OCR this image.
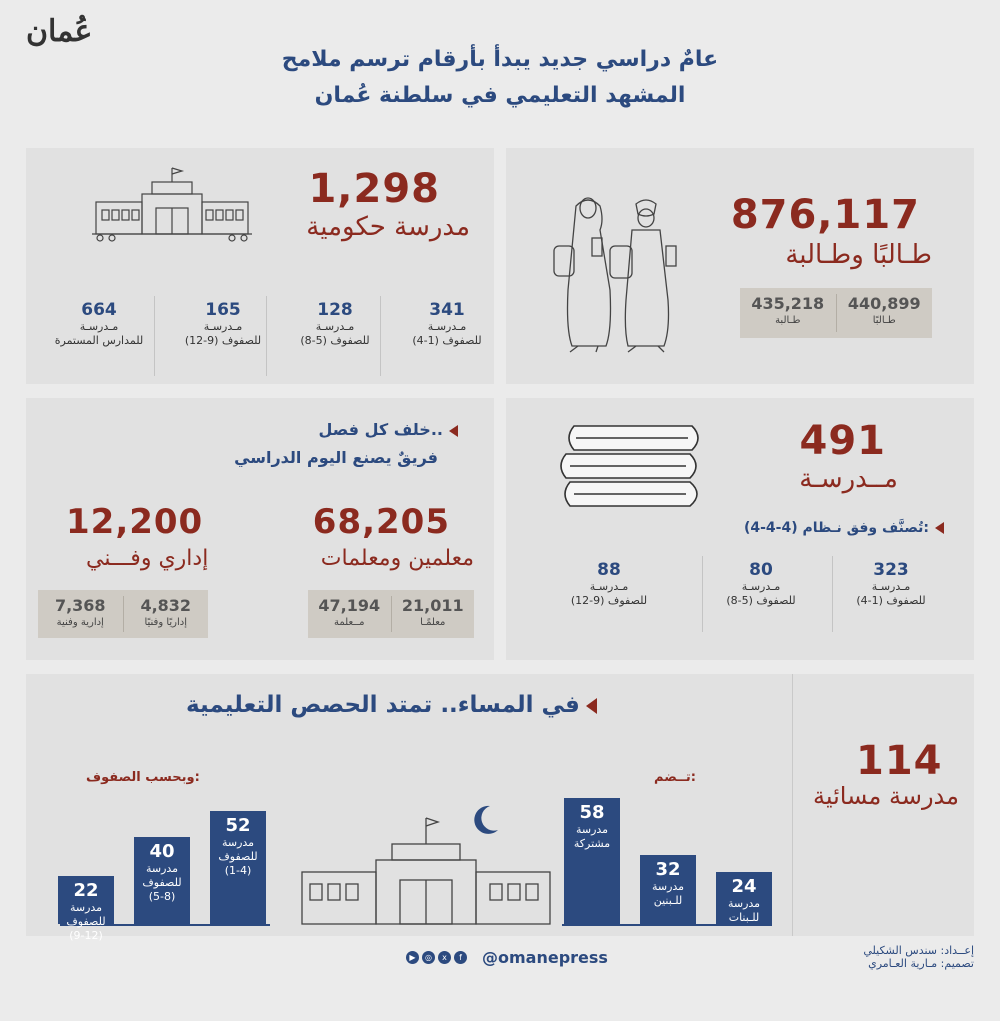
عُمان
عامٌ دراسي جديد يبدأ بأرقام ترسم ملامح
المشهد التعليمي في سلطنة عُمان
876,117
طـالبًا وطـالبة
435,218
طـالبة
440,899
طـالبًا
1,298
مدرسة حكومية
341
مـدرسـة
للصفوف (1-4)
128
مـدرسـة
للصفوف (5-8)
165
مـدرسـة
للصفوف (9-12)
664
مـدرسـة
للمدارس المستمرة
491
مــدرسـة
تُصنَّف وفق نـظام (4-4-4):
323
مـدرسـة
للصفوف (1-4)
80
مـدرسـة
للصفوف (5-8)
88
مـدرسـة
للصفوف (9-12)
خلف كل فصل..
فريقٌ يصنع اليوم الدراسي
68,205
معلمين ومعلمات
47,194
مــعلمة
21,011
معلمًـا
12,200
إداري وفـــني
7,368
إدارية وفنية
4,832
إداريًا وفنيًا
114
مدرسة مسائية
في المساء.. تمتد الحصص التعليمية
تــضم:
وبحسب الصفوف:
24
مدرسة
للـبنات
32
مدرسة
للـبنين
58
مدرسة
مشتركة
52
مدرسة
للصفوف
(1-4)
40
مدرسة
للصفوف
(5-8)
22
مدرسة
للصفوف
(9-12)
@omanepress
▶	◎	x	f
إعــداد: سندس الشكيلي
تصميم: مـارية العـامري
